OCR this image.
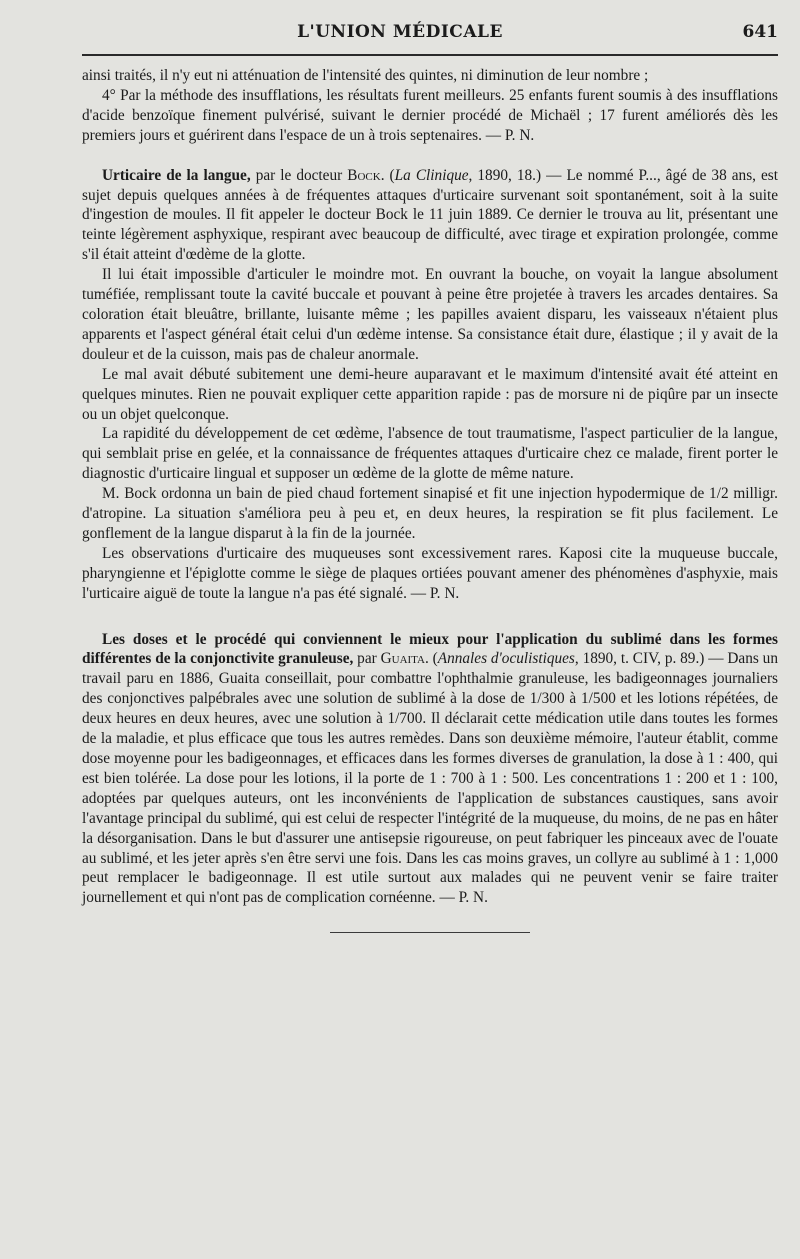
L'UNION MÉDICALE	641

ainsi traités, il n'y eut ni atténuation de l'intensité des quintes, ni diminution de leur nombre ;

4° Par la méthode des insufflations, les résultats furent meilleurs. 25 enfants furent soumis à des insufflations d'acide benzoïque finement pulvérisé, suivant le dernier procédé de Michaël ; 17 furent améliorés dès les premiers jours et guérirent dans l'espace de un à trois septenaires. — P. N.

Urticaire de la langue, par le docteur Bock. (La Clinique, 1890, 18.) — Le nommé P..., âgé de 38 ans, est sujet depuis quelques années à de fréquentes attaques d'urticaire survenant soit spontanément, soit à la suite d'ingestion de moules. Il fit appeler le docteur Bock le 11 juin 1889. Ce dernier le trouva au lit, présentant une teinte légèrement asphyxique, respirant avec beaucoup de difficulté, avec tirage et expiration prolongée, comme s'il était atteint d'œdème de la glotte.

Il lui était impossible d'articuler le moindre mot. En ouvrant la bouche, on voyait la langue absolument tuméfiée, remplissant toute la cavité buccale et pouvant à peine être projetée à travers les arcades dentaires. Sa coloration était bleuâtre, brillante, luisante même ; les papilles avaient disparu, les vaisseaux n'étaient plus apparents et l'aspect général était celui d'un œdème intense. Sa consistance était dure, élastique ; il y avait de la douleur et de la cuisson, mais pas de chaleur anormale.

Le mal avait débuté subitement une demi-heure auparavant et le maximum d'intensité avait été atteint en quelques minutes. Rien ne pouvait expliquer cette apparition rapide : pas de morsure ni de piqûre par un insecte ou un objet quelconque.

La rapidité du développement de cet œdème, l'absence de tout traumatisme, l'aspect particulier de la langue, qui semblait prise en gelée, et la connaissance de fréquentes attaques d'urticaire chez ce malade, firent porter le diagnostic d'urticaire lingual et supposer un œdème de la glotte de même nature.

M. Bock ordonna un bain de pied chaud fortement sinapisé et fit une injection hypodermique de 1/2 milligr. d'atropine. La situation s'améliora peu à peu et, en deux heures, la respiration se fit plus facilement. Le gonflement de la langue disparut à la fin de la journée.

Les observations d'urticaire des muqueuses sont excessivement rares. Kaposi cite la muqueuse buccale, pharyngienne et l'épiglotte comme le siège de plaques ortiées pouvant amener des phénomènes d'asphyxie, mais l'urticaire aiguë de toute la langue n'a pas été signalé. — P. N.

Les doses et le procédé qui conviennent le mieux pour l'application du sublimé dans les formes différentes de la conjonctivite granuleuse, par Guaita. (Annales d'oculistiques, 1890, t. CIV, p. 89.) — Dans un travail paru en 1886, Guaita conseillait, pour combattre l'ophthalmie granuleuse, les badigeonnages journaliers des conjonctives palpébrales avec une solution de sublimé à la dose de 1/300 à 1/500 et les lotions répétées, de deux heures en deux heures, avec une solution à 1/700. Il déclarait cette médication utile dans toutes les formes de la maladie, et plus efficace que tous les autres remèdes. Dans son deuxième mémoire, l'auteur établit, comme dose moyenne pour les badigeonnages, et efficaces dans les formes diverses de granulation, la dose à 1 : 400, qui est bien tolérée. La dose pour les lotions, il la porte de 1 : 700 à 1 : 500. Les concentrations 1 : 200 et 1 : 100, adoptées par quelques auteurs, ont les inconvénients de l'application de substances caustiques, sans avoir l'avantage principal du sublimé, qui est celui de respecter l'intégrité de la muqueuse, du moins, de ne pas en hâter la désorganisation. Dans le but d'assurer une antisepsie rigoureuse, on peut fabriquer les pinceaux avec de l'ouate au sublimé, et les jeter après s'en être servi une fois. Dans les cas moins graves, un collyre au sublimé à 1 : 1,000 peut remplacer le badigeonnage. Il est utile surtout aux malades qui ne peuvent venir se faire traiter journellement et qui n'ont pas de complication cornéenne. — P. N.
